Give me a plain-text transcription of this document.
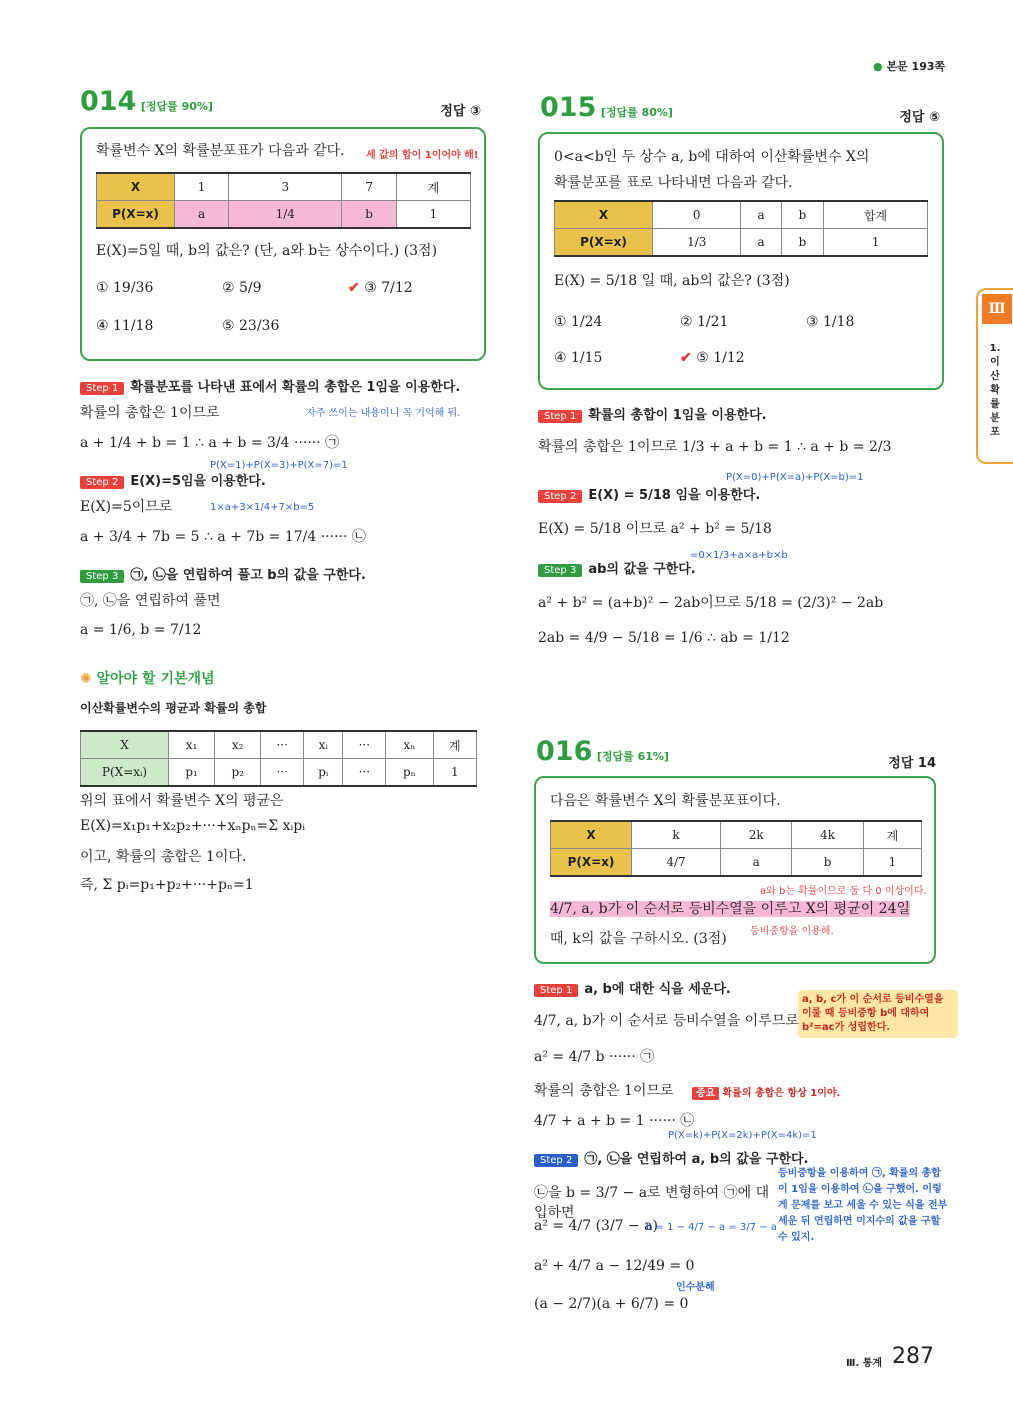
● 본문 193쪽
Ⅲ
1. 이산확률분포
014 [정답률 90%]	정답 ③
확률변수 X의 확률분포표가 다음과 같다. 세 값의 합이 1이어야 해!
X	1	3	7	계
P(X=x)	a	1/4	b	1
E(X)=5일 때, b의 값은? (단, a와 b는 상수이다.) (3점)
① 19/36	② 5/9	✔ ③ 7/12
④ 11/18	⑤ 23/36
Step 1 확률분포를 나타낸 표에서 확률의 총합은 1임을 이용한다.
확률의 총합은 1이므로	자주 쓰이는 내용이니 꼭 기억해 둬.
a + 1/4 + b = 1 ∴ a + b = 3/4 ······ ㉠
P(X=1)+P(X=3)+P(X=7)=1
Step 2 E(X)=5임을 이용한다.
E(X)=5이므로	1×a+3×1/4+7×b=5
a + 3/4 + 7b = 5 ∴ a + 7b = 17/4 ······ ㉡
Step 3 ㉠, ㉡을 연립하여 풀고 b의 값을 구한다.
㉠, ㉡을 연립하여 풀면
a = 1/6, b = 7/12
✺ 알아야 할 기본개념
이산확률변수의 평균과 확률의 총합
X	x₁	x₂	···	xᵢ	···	xₙ	계
P(X=xᵢ)	p₁	p₂	···	pᵢ	···	pₙ	1
위의 표에서 확률변수 X의 평균은
E(X)=x₁p₁+x₂p₂+···+xₙpₙ=Σ xᵢpᵢ
이고, 확률의 총합은 1이다.
즉, Σ pᵢ=p₁+p₂+···+pₙ=1
015 [정답률 80%]	정답 ⑤
0<a<b인 두 상수 a, b에 대하여 이산확률변수 X의
확률분포를 표로 나타내면 다음과 같다.
X	0	a	b	합계
P(X=x)	1/3	a	b	1
E(X) = 5/18 일 때, ab의 값은? (3점)
① 1/24	② 1/21	③ 1/18
④ 1/15	✔ ⑤ 1/12
Step 1 확률의 총합이 1임을 이용한다.
확률의 총합은 1이므로 1/3 + a + b = 1 ∴ a + b = 2/3
P(X=0)+P(X=a)+P(X=b)=1
Step 2 E(X) = 5/18 임을 이용한다.
E(X) = 5/18 이므로 a² + b² = 5/18
=0×1/3+a×a+b×b
Step 3 ab의 값을 구한다.
a² + b² = (a+b)² − 2ab이므로 5/18 = (2/3)² − 2ab
2ab = 4/9 − 5/18 = 1/6 ∴ ab = 1/12
016 [정답률 61%]	정답 14
다음은 확률변수 X의 확률분포표이다.
X	k	2k	4k	계
P(X=x)	4/7	a	b	1
a와 b는 확률이므로 둘 다 0 이상이다.
4/7, a, b가 이 순서로 등비수열을 이루고 X의 평균이 24일
때, k의 값을 구하시오. (3점) 등비중항을 이용해.
Step 1 a, b에 대한 식을 세운다.
a, b, c가 이 순서로 등비수열을 이룰 때 등비중항 b에 대하여 b²=ac가 성립한다.
4/7, a, b가 이 순서로 등비수열을 이루므로
a² = 4/7 b ······ ㉠
확률의 총합은 1이므로	중요 확률의 총합은 항상 1이야.
4/7 + a + b = 1 ······ ㉡
P(X=k)+P(X=2k)+P(X=4k)=1
Step 2 ㉠, ㉡을 연립하여 a, b의 값을 구한다.
등비중항을 이용하여 ㉠, 확률의 총합이 1임을 이용하여 ㉡을 구했어. 이렇게 문제를 보고 세울 수 있는 식을 전부 세운 뒤 연립하면 미지수의 값을 구할 수 있지.
㉡을 b = 3/7 − a로 변형하여 ㉠에 대입하면
a² = 4/7 (3/7 − a)
b = 1 − 4/7 − a = 3/7 − a
a² + 4/7 a − 12/49 = 0
인수분해
(a − 2/7)(a + 6/7) = 0
Ⅲ. 통계 287
